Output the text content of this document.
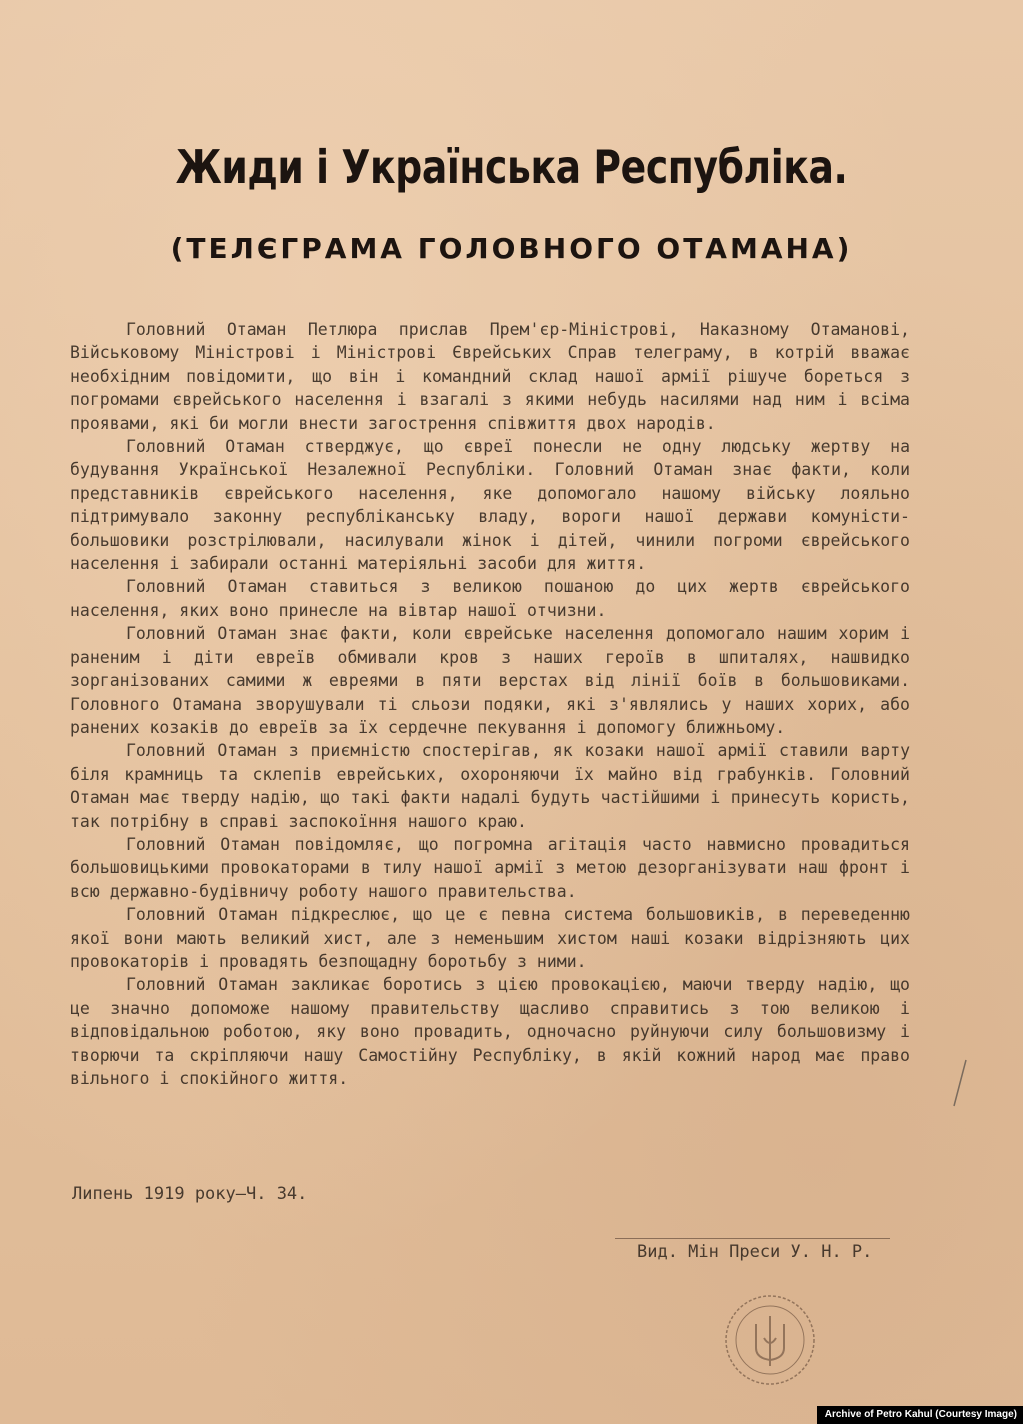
Жиди і Українська Республіка.
(ТЕЛЄГРАМА ГОЛОВНОГО ОТАМАНА)

Головний Отаман Петлюра прислав Прем'єр-Міністрові, Наказному Отаманові, Військовому Міністрові і Міністрові Єврейських Справ телеграму, в котрій вважає необхідним повідомити, що він і командний склад нашої армії рішуче бореться з погромами єврейського населення і взагалі з якими небудь насилями над ним і всіма проявами, які би могли внести загострення співжиття двох народів.

Головний Отаман стверджує, що євреї понесли не одну людську жертву на будування Української Незалежної Республіки. Головний Отаман знає факти, коли представників єврейського населення, яке допомогало нашому війську лояльно підтримувало законну республіканську владу, вороги нашої держави комуністи-большовики розстрілювали, насилували жінок і дітей, чинили погроми єврейського населення і забирали останні матеріяльні засоби для життя.

Головний Отаман ставиться з великою пошаною до цих жертв єврейського населення, яких воно принесле на вівтар нашої отчизни.

Головний Отаман знає факти, коли єврейське населення допомогало нашим хорим і раненим і діти евреїв обмивали кров з наших героїв в шпиталях, нашвидко зорганізованих самими ж евреями в пяти верстах від лінії боїв в большовиками. Головного Отамана зворушували ті сльози подяки, які з'являлись у наших хорих, або ранених козаків до евреїв за їх сердечне пекування і допомогу ближньому.

Головний Отаман з приємністю спостерігав, як козаки нашої армії ставили варту біля крамниць та склепів еврейських, охороняючи їх майно від грабунків. Головний Отаман має тверду надію, що такі факти надалі будуть частійшими і принесуть користь, так потрібну в справі заспокоїння нашого краю.

Головний Отаман повідомляє, що погромна агітація часто навмисно провадиться большовицькими провокаторами в тилу нашої армії з метою дезорганізувати наш фронт і всю державно-будівничу роботу нашого правительства.

Головний Отаман підкреслює, що це є певна система большовиків, в переведенню якої вони мають великий хист, але з неменьшим хистом наші козаки відрізняють цих провокаторів і провадять безпощадну боротьбу з ними.

Головний Отаман закликає боротись з цією провокацією, маючи тверду надію, що це значно допоможе нашому правительству щасливо справитись з тою великою і відповідальною роботою, яку воно провадить, одночасно руйнуючи силу большовизму і творючи та скріпляючи нашу Самостійну Республіку, в якій кожний народ має право вільного і спокійного життя.

Липень 1919 року—Ч. 34.
Вид. Мін Преси У. Н. Р.
Archive of Petro Kahul (Courtesy Image)
